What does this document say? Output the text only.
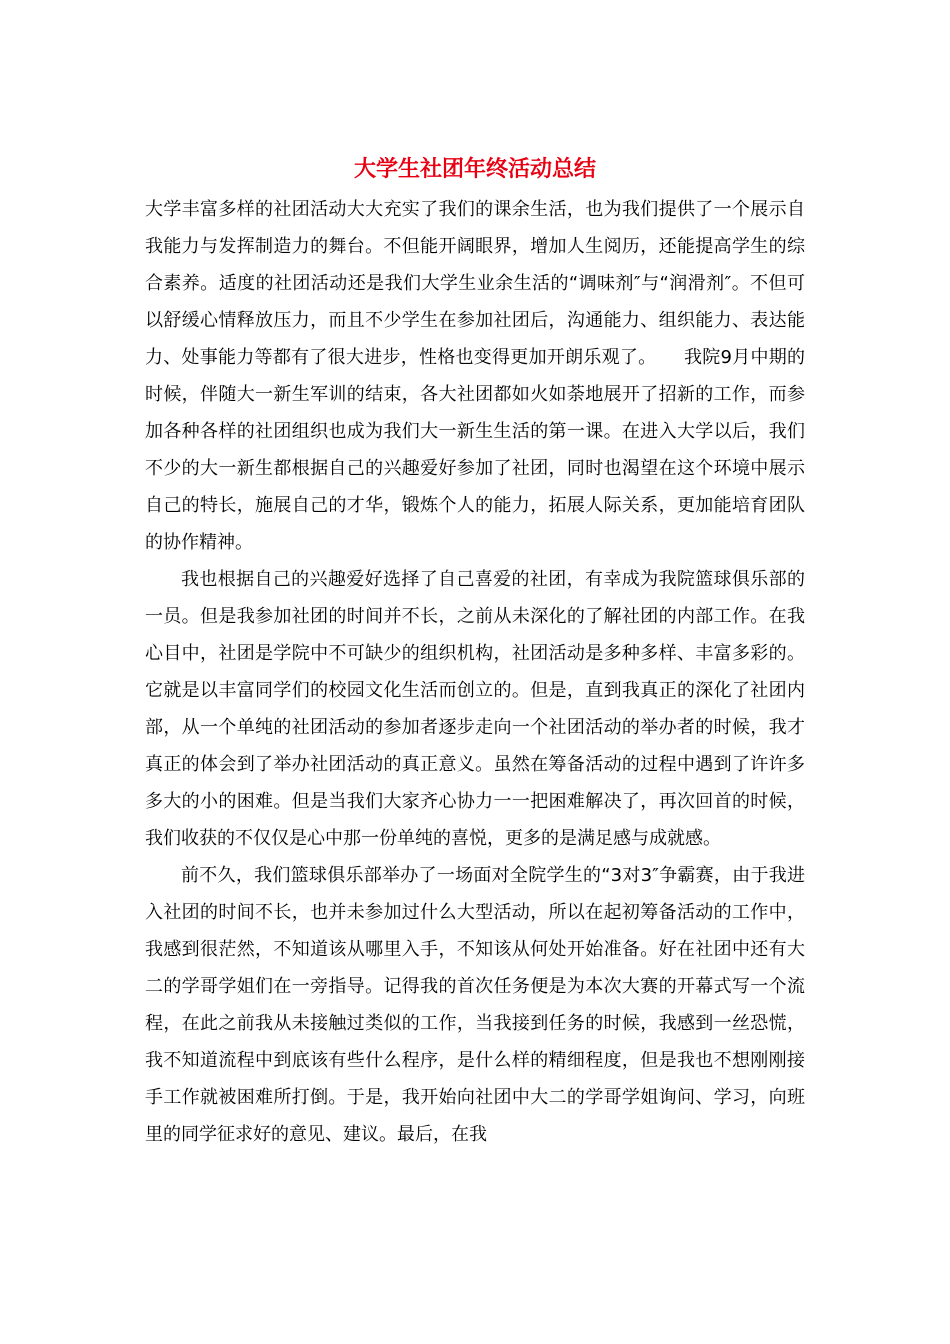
大学生社团年终活动总结

大学丰富多样的社团活动大大充实了我们的课余生活，也为我们提供了一个展示自我能力与发挥制造力的舞台。不但能开阔眼界，增加人生阅历，还能提高学生的综合素养。适度的社团活动还是我们大学生业余生活的“调味剂″与“润滑剂″。不但可以舒缓心情释放压力，而且不少学生在参加社团后，沟通能力、组织能力、表达能力、处事能力等都有了很大进步，性格也变得更加开朗乐观了。　　我院9月中期的时候，伴随大一新生军训的结束，各大社团都如火如荼地展开了招新的工作，而参加各种各样的社团组织也成为我们大一新生生活的第一课。在进入大学以后，我们不少的大一新生都根据自己的兴趣爱好参加了社团，同时也渴望在这个环境中展示自己的特长，施展自己的才华，锻炼个人的能力，拓展人际关系，更加能培育团队的协作精神。

我也根据自己的兴趣爱好选择了自己喜爱的社团，有幸成为我院篮球俱乐部的一员。但是我参加社团的时间并不长，之前从未深化的了解社团的内部工作。在我心目中，社团是学院中不可缺少的组织机构，社团活动是多种多样、丰富多彩的。它就是以丰富同学们的校园文化生活而创立的。但是，直到我真正的深化了社团内部，从一个单纯的社团活动的参加者逐步走向一个社团活动的举办者的时候，我才真正的体会到了举办社团活动的真正意义。虽然在筹备活动的过程中遇到了许许多多大的小的困难。但是当我们大家齐心协力一一把困难解决了，再次回首的时候，我们收获的不仅仅是心中那一份单纯的喜悦，更多的是满足感与成就感。

前不久，我们篮球俱乐部举办了一场面对全院学生的“3对3″争霸赛，由于我进入社团的时间不长，也并未参加过什么大型活动，所以在起初筹备活动的工作中，我感到很茫然，不知道该从哪里入手，不知该从何处开始准备。好在社团中还有大二的学哥学姐们在一旁指导。记得我的首次任务便是为本次大赛的开幕式写一个流程，在此之前我从未接触过类似的工作，当我接到任务的时候，我感到一丝恐慌，我不知道流程中到底该有些什么程序，是什么样的精细程度，但是我也不想刚刚接手工作就被困难所打倒。于是，我开始向社团中大二的学哥学姐询问、学习，向班里的同学征求好的意见、建议。最后，在我
